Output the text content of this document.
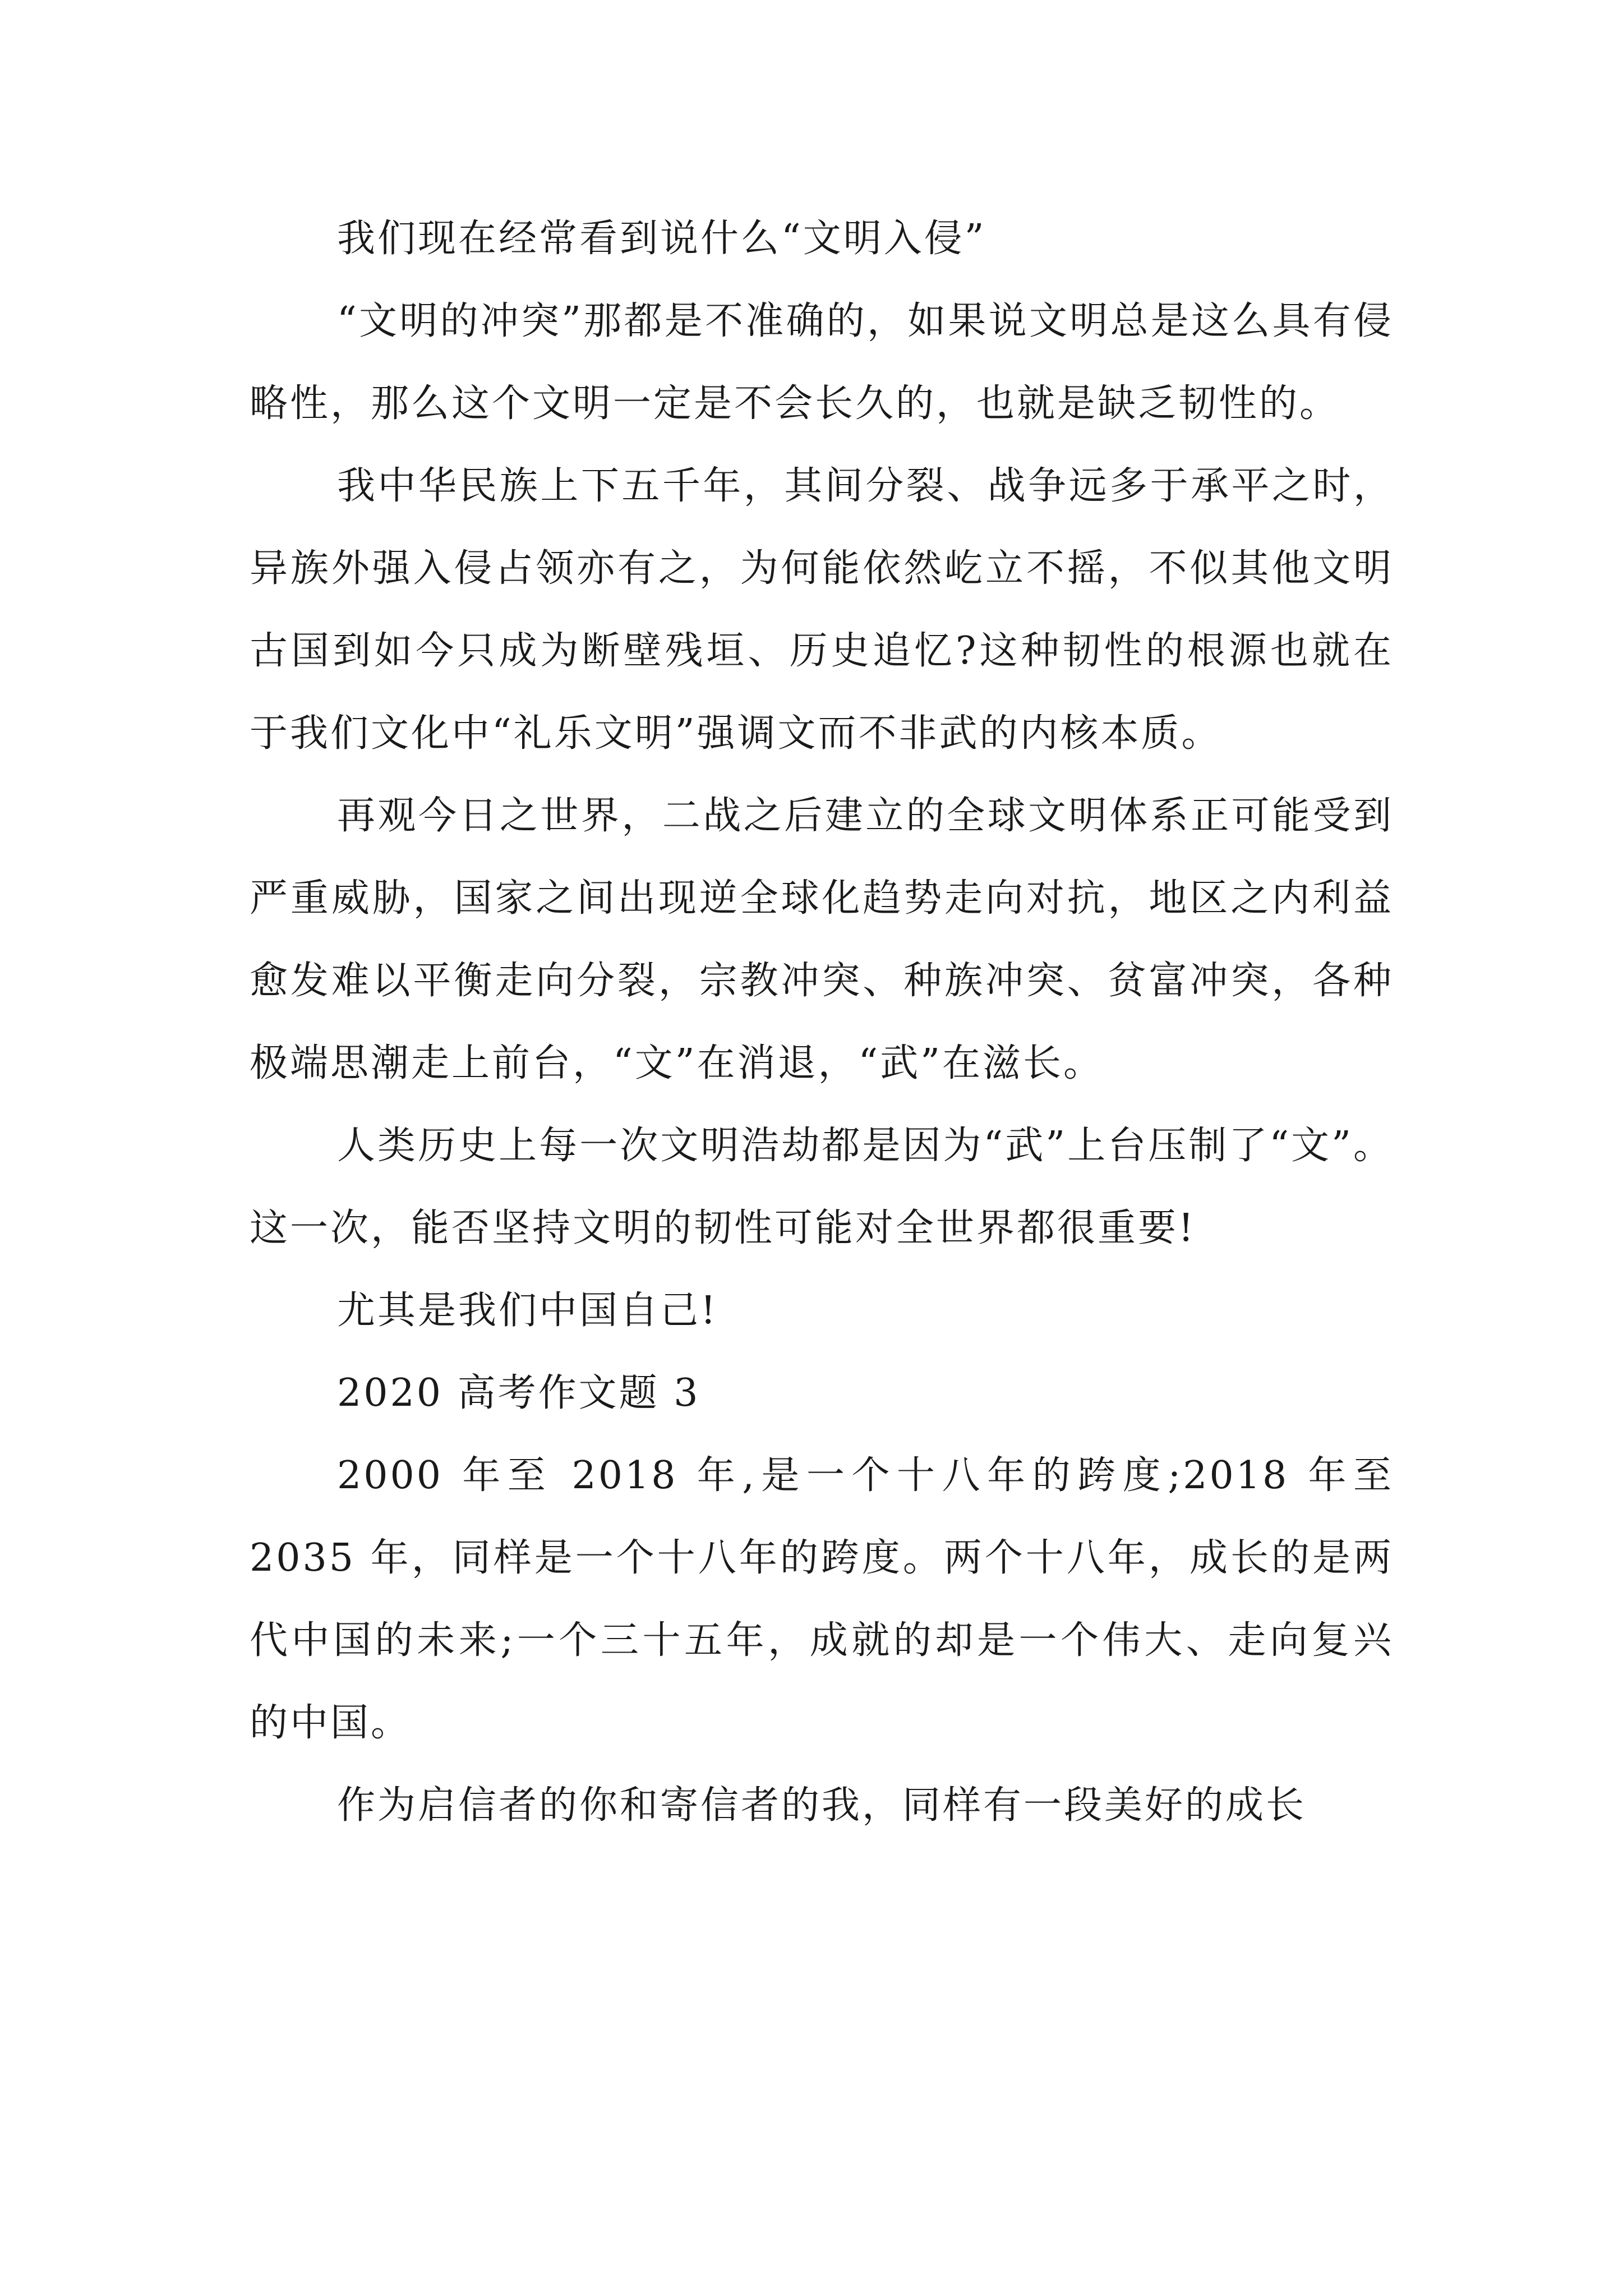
我们现在经常看到说什么“文明入侵”

“文明的冲突”那都是不准确的，如果说文明总是这么具有侵略性，那么这个文明一定是不会长久的，也就是缺乏韧性的。

我中华民族上下五千年，其间分裂、战争远多于承平之时，异族外强入侵占领亦有之，为何能依然屹立不摇，不似其他文明古国到如今只成为断壁残垣、历史追忆?这种韧性的根源也就在于我们文化中“礼乐文明”强调文而不非武的内核本质。

再观今日之世界，二战之后建立的全球文明体系正可能受到严重威胁，国家之间出现逆全球化趋势走向对抗，地区之内利益愈发难以平衡走向分裂，宗教冲突、种族冲突、贫富冲突，各种极端思潮走上前台，“文”在消退，“武”在滋长。

人类历史上每一次文明浩劫都是因为“武”上台压制了“文”。这一次，能否坚持文明的韧性可能对全世界都很重要!

尤其是我们中国自己!

2020 高考作文题 3

2000 年至 2018 年,是一个十八年的跨度;2018 年至 2035 年，同样是一个十八年的跨度。两个十八年，成长的是两代中国的未来;一个三十五年，成就的却是一个伟大、走向复兴的中国。

作为启信者的你和寄信者的我，同样有一段美好的成长
